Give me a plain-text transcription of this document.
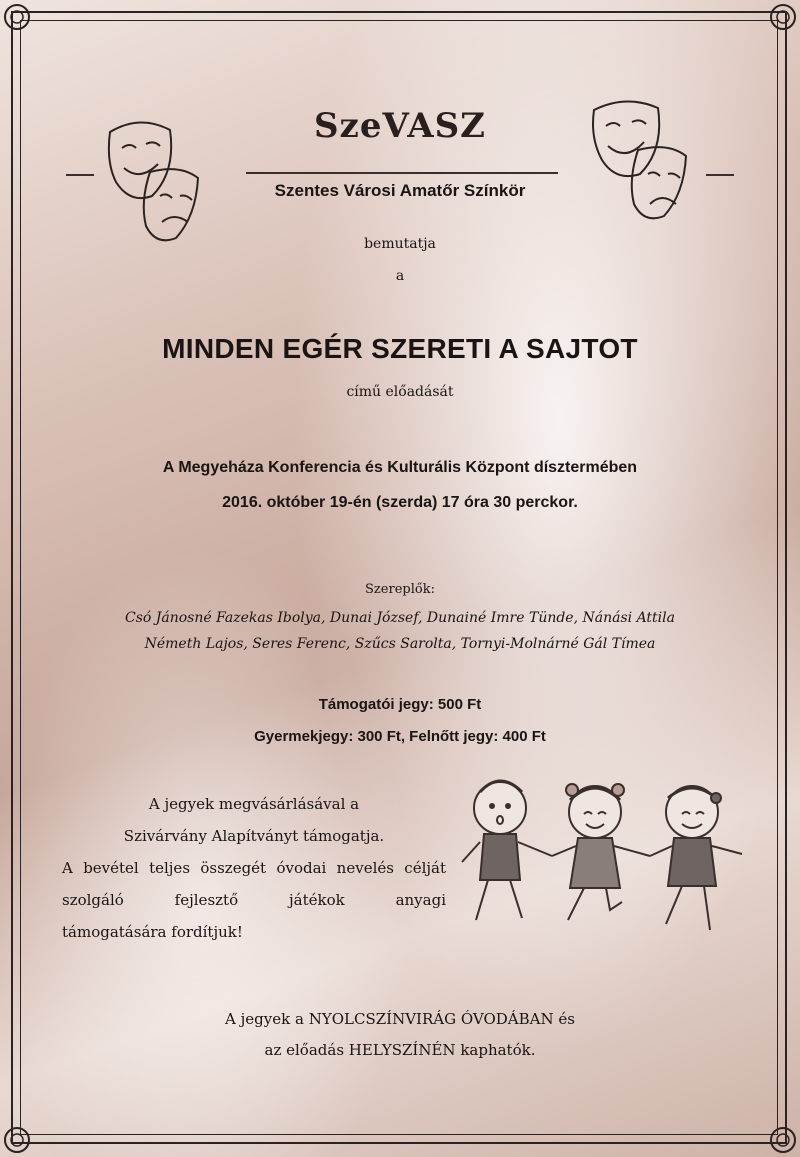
SzeVASZ
Szentes Városi Amatőr Színkör
bemutatja
a
MINDEN EGÉR SZERETI A SAJTOT
című előadását
A Megyeháza Konferencia és Kulturális Központ dísztermében
2016. október 19-én (szerda) 17 óra 30 perckor.
Szereplők:
Csó Jánosné Fazekas Ibolya, Dunai József, Dunainé Imre Tünde, Nánási Attila
Németh Lajos, Seres Ferenc, Szűcs Sarolta, Tornyi-Molnárné Gál Tímea
Támogatói jegy: 500 Ft
Gyermekjegy: 300 Ft, Felnőtt jegy: 400 Ft
A jegyek megvásárlásával a
Szivárvány Alapítványt támogatja.
A bevétel teljes összegét óvodai nevelés célját
szolgáló fejlesztő játékok anyagi
támogatására fordítjuk!
A jegyek a NYOLCSZÍNVIRÁG ÓVODÁBAN és
az előadás HELYSZÍNÉN kaphatók.
